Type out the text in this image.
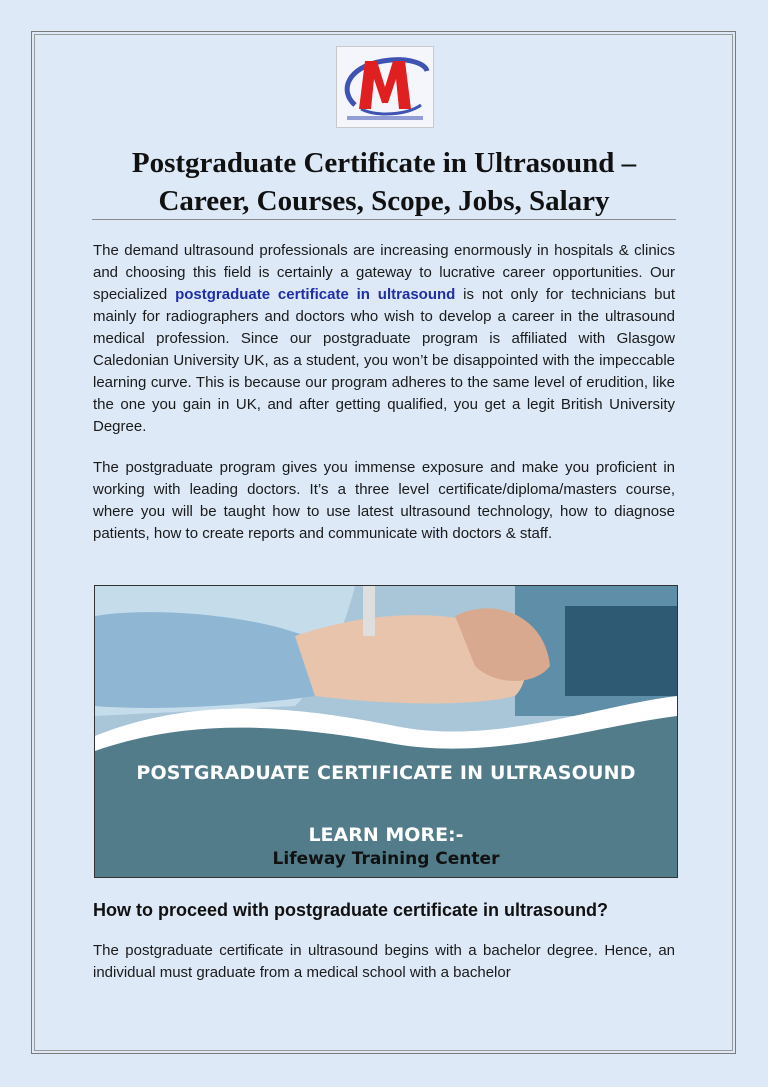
Postgraduate Certificate in Ultrasound –
Career, Courses, Scope, Jobs, Salary

The demand ultrasound professionals are increasing enormously in hospitals & clinics and choosing this field is certainly a gateway to lucrative career opportunities. Our specialized postgraduate certificate in ultrasound is not only for technicians but mainly for radiographers and doctors who wish to develop a career in the ultrasound medical profession. Since our postgraduate program is affiliated with Glasgow Caledonian University UK, as a student, you won’t be disappointed with the impeccable learning curve. This is because our program adheres to the same level of erudition, like the one you gain in UK, and after getting qualified, you get a legit British University Degree.

The postgraduate program gives you immense exposure and make you proficient in working with leading doctors. It’s a three level certificate/diploma/masters course, where you will be taught how to use latest ultrasound technology, how to diagnose patients, how to create reports and communicate with doctors & staff.

POSTGRADUATE CERTIFICATE IN ULTRASOUND

LEARN MORE:-

Lifeway Training Center

How to proceed with postgraduate certificate in ultrasound?

The postgraduate certificate in ultrasound begins with a bachelor degree. Hence, an individual must graduate from a medical school with a bachelor
